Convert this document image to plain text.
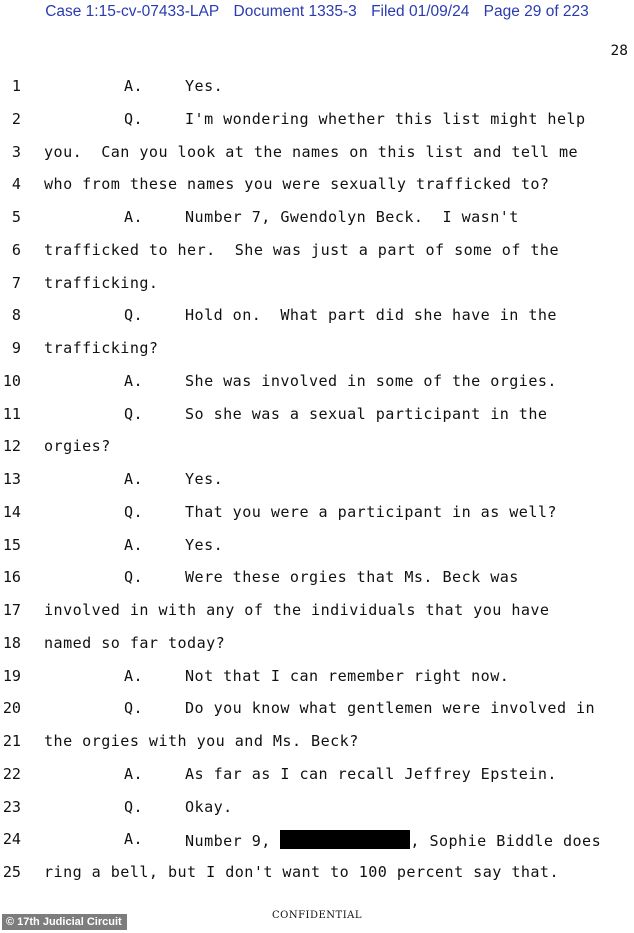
Case 1:15-cv-07433-LAP Document 1335-3 Filed 01/09/24 Page 29 of 223
28
1	A.	Yes.
2	Q.	I'm wondering whether this list might help
3 you.  Can you look at the names on this list and tell me
4 who from these names you were sexually trafficked to?
5	A.	Number 7, Gwendolyn Beck.  I wasn't
6 trafficked to her.  She was just a part of some of the
7 trafficking.
8	Q.	Hold on.  What part did she have in the
9 trafficking?
10	A.	She was involved in some of the orgies.
11	Q.	So she was a sexual participant in the
12 orgies?
13	A.	Yes.
14	Q.	That you were a participant in as well?
15	A.	Yes.
16	Q.	Were these orgies that Ms. Beck was
17 involved in with any of the individuals that you have
18 named so far today?
19	A.	Not that I can remember right now.
20	Q.	Do you know what gentlemen were involved in
21 the orgies with you and Ms. Beck?
22	A.	As far as I can recall Jeffrey Epstein.
23	Q.	Okay.
24	A.	Number 9,	, Sophie Biddle does
25 ring a bell, but I don't want to 100 percent say that.
CONFIDENTIAL
© 17th Judicial Circuit
